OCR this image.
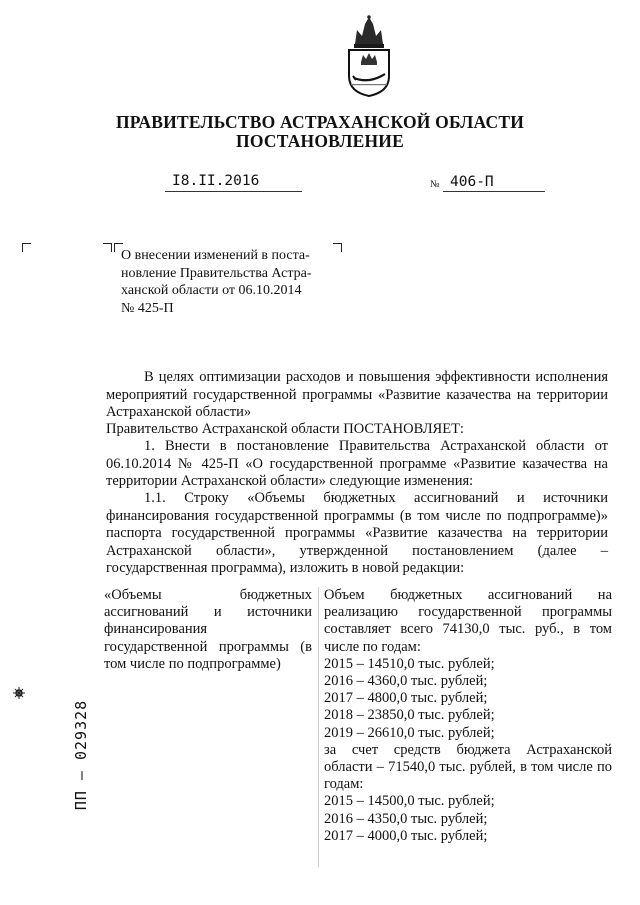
ПРАВИТЕЛЬСТВО АСТРАХАНСКОЙ ОБЛАСТИ
ПОСТАНОВЛЕНИЕ
I8.II.2016	№ 406-П

О внесении изменений в поста-

новление Правительства Астра-

ханской области от 06.10.2014

№ 425-П

В целях оптимизации расходов и повышения эффективности исполнения мероприятий государственной программы «Развитие казачества на территории Астраханской области»
Правительство Астраханской области ПОСТАНОВЛЯЕТ:
1. Внести в постановление Правительства Астраханской области от 06.10.2014 № 425-П «О государственной программе «Развитие казачества на территории Астраханской области» следующие изменения:
1.1. Строку «Объемы бюджетных ассигнований и источники финансирования государственной программы (в том числе по подпрограмме)» паспорта государственной программы «Развитие казачества на территории Астраханской области», утвержденной постановлением (далее – государственная программа), изложить в новой редакции:
«Объемы бюджетных ассигнований и источники финансирования государственной программы (в том числе по подпрограмме)
Объем бюджетных ассигнований на реализацию государственной программы составляет всего 74130,0 тыс. руб., в том числе по годам:
2015 – 14510,0 тыс. рублей;
2016 – 4360,0 тыс. рублей;
2017 – 4800,0 тыс. рублей;
2018 – 23850,0 тыс. рублей;
2019 – 26610,0 тыс. рублей;
за счет средств бюджета Астраханской области – 71540,0 тыс. рублей, в том числе по годам:
2015 – 14500,0 тыс. рублей;
2016 – 4350,0 тыс. рублей;
2017 – 4000,0 тыс. рублей;
ПП – 029328
